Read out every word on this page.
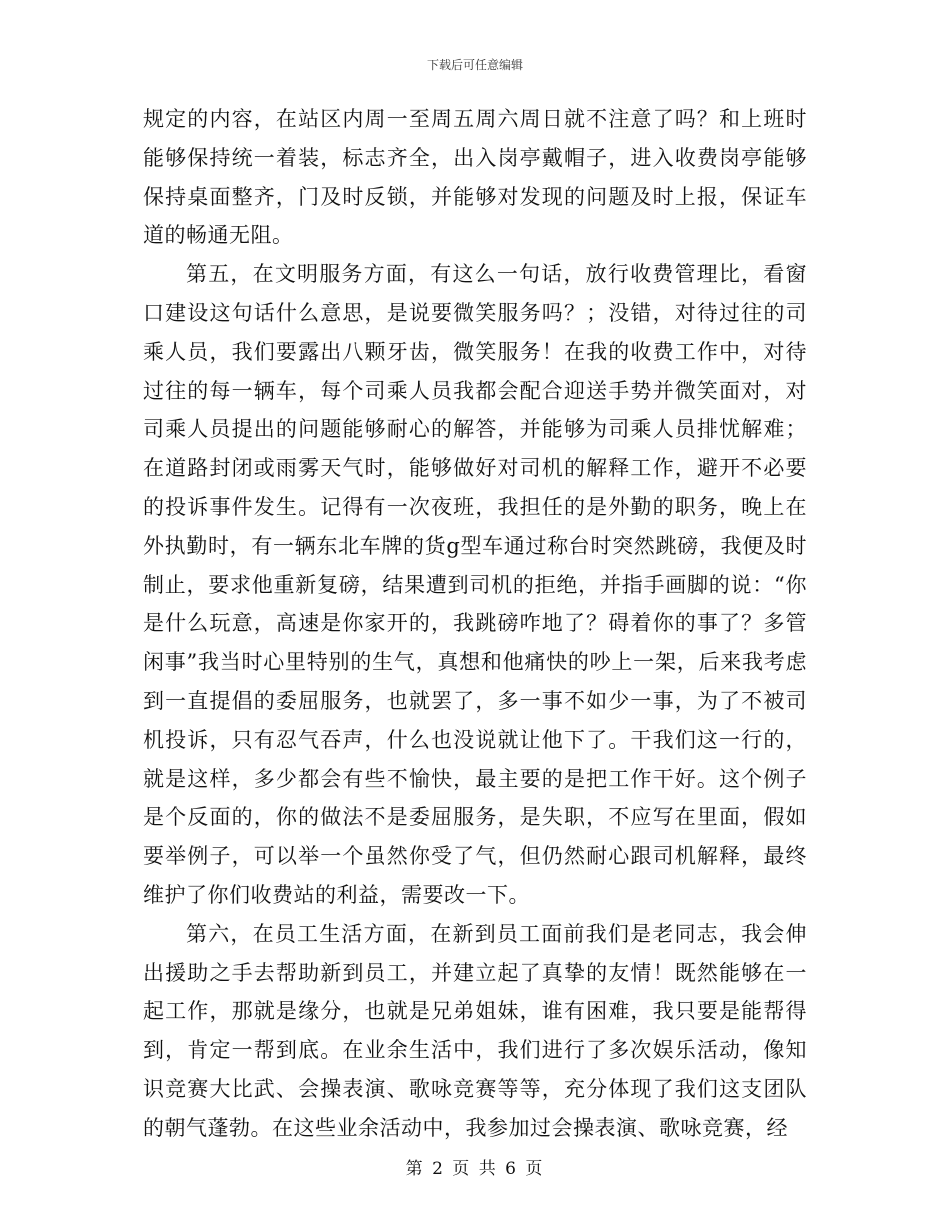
下载后可任意编辑

规定的内容，在站区内周一至周五周六周日就不注意了吗？和上班时能够保持统一着装，标志齐全，出入岗亭戴帽子，进入收费岗亭能够保持桌面整齐，门及时反锁，并能够对发现的问题及时上报，保证车道的畅通无阻。

第五，在文明服务方面，有这么一句话，放行收费管理比，看窗口建设这句话什么意思，是说要微笑服务吗？；没错，对待过往的司乘人员，我们要露出八颗牙齿，微笑服务！在我的收费工作中，对待过往的每一辆车，每个司乘人员我都会配合迎送手势并微笑面对，对司乘人员提出的问题能够耐心的解答，并能够为司乘人员排忧解难；在道路封闭或雨雾天气时，能够做好对司机的解释工作，避开不必要的投诉事件发生。记得有一次夜班，我担任的是外勤的职务，晚上在外执勤时，有一辆东北车牌的货g型车通过称台时突然跳磅，我便及时制止，要求他重新复磅，结果遭到司机的拒绝，并指手画脚的说：“你是什么玩意，高速是你家开的，我跳磅咋地了？碍着你的事了？多管闲事”我当时心里特别的生气，真想和他痛快的吵上一架，后来我考虑到一直提倡的委屈服务，也就罢了，多一事不如少一事，为了不被司机投诉，只有忍气吞声，什么也没说就让他下了。干我们这一行的，就是这样，多少都会有些不愉快，最主要的是把工作干好。这个例子是个反面的，你的做法不是委屈服务，是失职，不应写在里面，假如要举例子，可以举一个虽然你受了气，但仍然耐心跟司机解释，最终维护了你们收费站的利益，需要改一下。

第六，在员工生活方面，在新到员工面前我们是老同志，我会伸出援助之手去帮助新到员工，并建立起了真挚的友情！既然能够在一起工作，那就是缘分，也就是兄弟姐妹，谁有困难，我只要是能帮得到，肯定一帮到底。在业余生活中，我们进行了多次娱乐活动，像知识竞赛大比武、会操表演、歌咏竞赛等等，充分体现了我们这支团队的朝气蓬勃。在这些业余活动中，我参加过会操表演、歌咏竞赛，经

第 2 页 共 6 页
